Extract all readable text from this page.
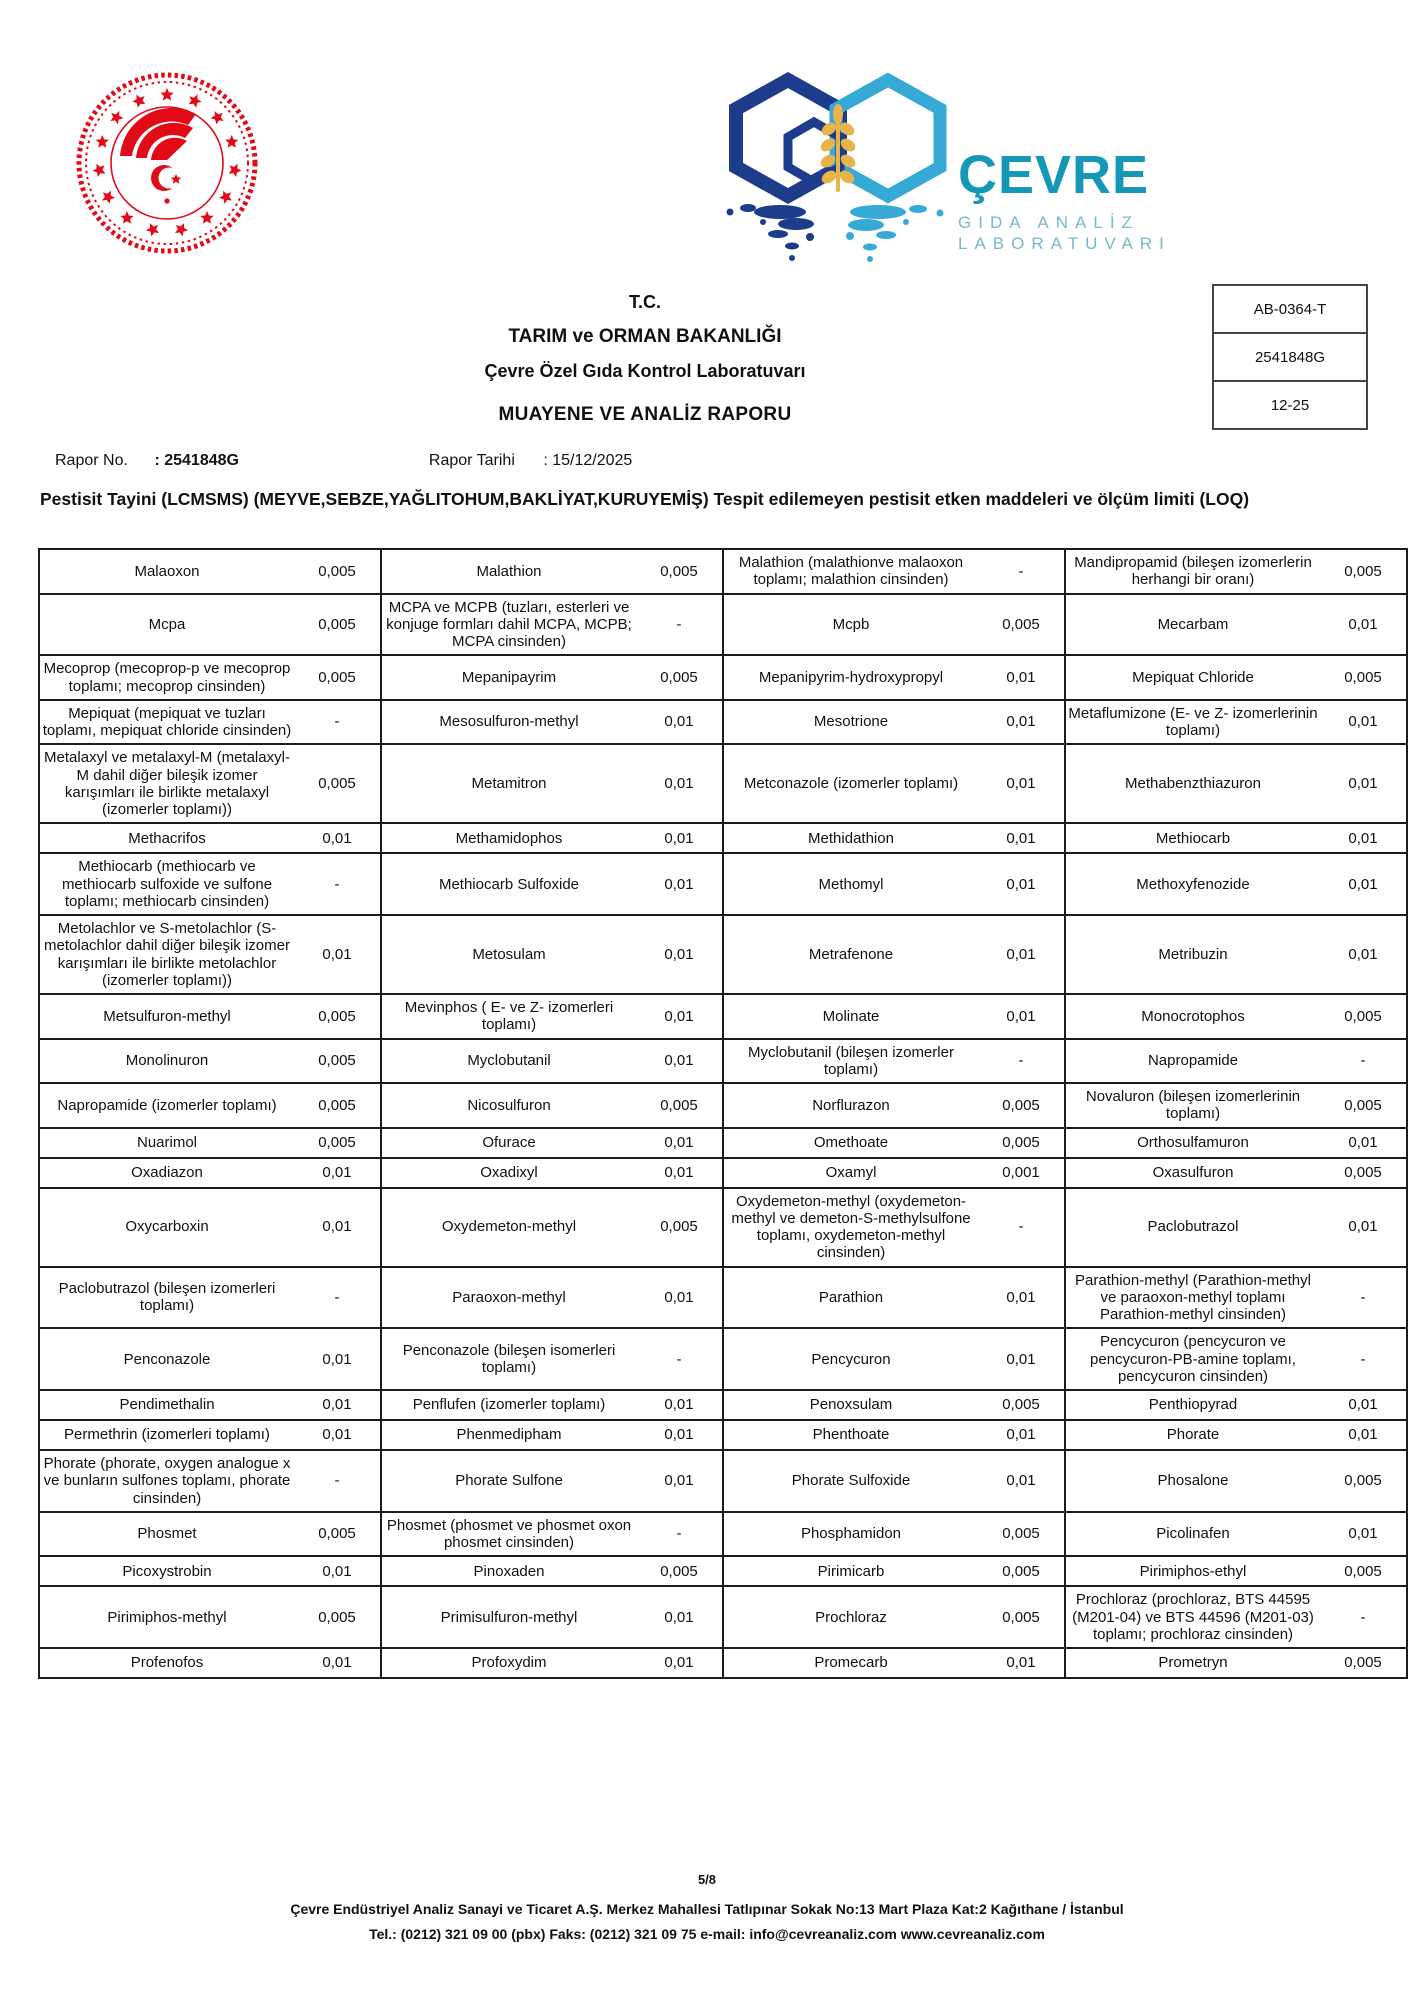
ÇEVRE
GIDA ANALİZ
LABORATUVARI
T.C.
TARIM ve ORMAN BAKANLIĞI
Çevre Özel Gıda Kontrol Laboratuvarı
MUAYENE VE ANALİZ RAPORU
AB-0364-T
2541848G
12-25
Rapor No. : 2541848G	Rapor Tarihi : 15/12/2025
Pestisit Tayini (LCMSMS) (MEYVE,SEBZE,YAĞLITOHUM,BAKLİYAT,KURUYEMİŞ) Tespit edilemeyen pestisit etken maddeleri ve ölçüm limiti (LOQ)
Malaoxon	0,005	Malathion	0,005	Malathion (malathionve malaoxon toplamı; malathion cinsinden)	-	Mandipropamid (bileşen izomerlerin herhangi bir oranı)	0,005
Mcpa	0,005	MCPA ve MCPB (tuzları, esterleri ve konjuge formları dahil MCPA, MCPB; MCPA cinsinden)	-	Mcpb	0,005	Mecarbam	0,01
Mecoprop (mecoprop-p ve mecoprop toplamı; mecoprop cinsinden)	0,005	Mepanipayrim	0,005	Mepanipyrim-hydroxypropyl	0,01	Mepiquat Chloride	0,005
Mepiquat (mepiquat ve tuzları toplamı, mepiquat chloride cinsinden)	-	Mesosulfuron-methyl	0,01	Mesotrione	0,01	Metaflumizone (E- ve Z- izomerlerinin toplamı)	0,01
Metalaxyl ve metalaxyl-M (metalaxyl-M dahil diğer bileşik izomer karışımları ile birlikte metalaxyl (izomerler toplamı))	0,005	Metamitron	0,01	Metconazole (izomerler toplamı)	0,01	Methabenzthiazuron	0,01
Methacrifos	0,01	Methamidophos	0,01	Methidathion	0,01	Methiocarb	0,01
Methiocarb (methiocarb ve methiocarb sulfoxide ve sulfone toplamı; methiocarb cinsinden)	-	Methiocarb Sulfoxide	0,01	Methomyl	0,01	Methoxyfenozide	0,01
Metolachlor ve S-metolachlor (S-metolachlor dahil diğer bileşik izomer karışımları ile birlikte metolachlor (izomerler toplamı))	0,01	Metosulam	0,01	Metrafenone	0,01	Metribuzin	0,01
Metsulfuron-methyl	0,005	Mevinphos ( E- ve Z- izomerleri toplamı)	0,01	Molinate	0,01	Monocrotophos	0,005
Monolinuron	0,005	Myclobutanil	0,01	Myclobutanil (bileşen izomerler toplamı)	-	Napropamide	-
Napropamide (izomerler toplamı)	0,005	Nicosulfuron	0,005	Norflurazon	0,005	Novaluron (bileşen izomerlerinin toplamı)	0,005
Nuarimol	0,005	Ofurace	0,01	Omethoate	0,005	Orthosulfamuron	0,01
Oxadiazon	0,01	Oxadixyl	0,01	Oxamyl	0,001	Oxasulfuron	0,005
Oxycarboxin	0,01	Oxydemeton-methyl	0,005	Oxydemeton-methyl (oxydemeton-methyl ve demeton-S-methylsulfone toplamı, oxydemeton-methyl cinsinden)	-	Paclobutrazol	0,01
Paclobutrazol (bileşen izomerleri toplamı)	-	Paraoxon-methyl	0,01	Parathion	0,01	Parathion-methyl (Parathion-methyl ve paraoxon-methyl toplamı Parathion-methyl cinsinden)	-
Penconazole	0,01	Penconazole (bileşen isomerleri toplamı)	-	Pencycuron	0,01	Pencycuron (pencycuron ve pencycuron-PB-amine toplamı, pencycuron cinsinden)	-
Pendimethalin	0,01	Penflufen (izomerler toplamı)	0,01	Penoxsulam	0,005	Penthiopyrad	0,01
Permethrin (izomerleri toplamı)	0,01	Phenmedipham	0,01	Phenthoate	0,01	Phorate	0,01
Phorate (phorate, oxygen analogue x ve bunların sulfones toplamı, phorate cinsinden)	-	Phorate Sulfone	0,01	Phorate Sulfoxide	0,01	Phosalone	0,005
Phosmet	0,005	Phosmet (phosmet ve phosmet oxon phosmet cinsinden)	-	Phosphamidon	0,005	Picolinafen	0,01
Picoxystrobin	0,01	Pinoxaden	0,005	Pirimicarb	0,005	Pirimiphos-ethyl	0,005
Pirimiphos-methyl	0,005	Primisulfuron-methyl	0,01	Prochloraz	0,005	Prochloraz (prochloraz, BTS 44595 (M201-04) ve BTS 44596 (M201-03) toplamı; prochloraz cinsinden)	-
Profenofos	0,01	Profoxydim	0,01	Promecarb	0,01	Prometryn	0,005
5/8
Çevre Endüstriyel Analiz Sanayi ve Ticaret A.Ş. Merkez Mahallesi Tatlıpınar Sokak No:13 Mart Plaza Kat:2 Kağıthane / İstanbul
Tel.: (0212) 321 09 00 (pbx) Faks: (0212) 321 09 75 e-mail: info@cevreanaliz.com www.cevreanaliz.com
